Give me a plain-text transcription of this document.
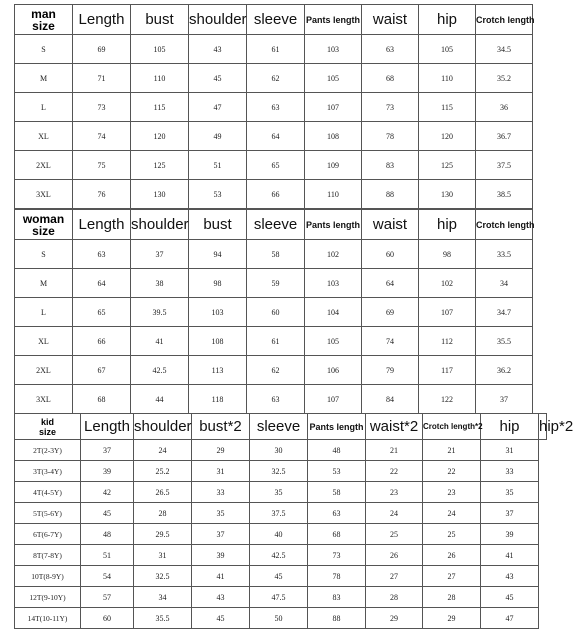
man
size	Length	bust	shoulder	sleeve	Pants length	waist	hip	Crotch length
S	69	105	43	61	103	63	105	34.5
M	71	110	45	62	105	68	110	35.2
L	73	115	47	63	107	73	115	36
XL	74	120	49	64	108	78	120	36.7
2XL	75	125	51	65	109	83	125	37.5
3XL	76	130	53	66	110	88	130	38.5
woman
size	Length	shoulder	bust	sleeve	Pants length	waist	hip	Crotch length
S	63	37	94	58	102	60	98	33.5
M	64	38	98	59	103	64	102	34
L	65	39.5	103	60	104	69	107	34.7
XL	66	41	108	61	105	74	112	35.5
2XL	67	42.5	113	62	106	79	117	36.2
3XL	68	44	118	63	107	84	122	37
kid
size	Length	shoulder	bust*2	sleeve	Pants length	waist*2	Crotch length*2	hip	hip*2
2T(2-3Y)	37	24	29	30	48	21	21	31	
3T(3-4Y)	39	25.2	31	32.5	53	22	22	33	
4T(4-5Y)	42	26.5	33	35	58	23	23	35	
5T(5-6Y)	45	28	35	37.5	63	24	24	37	
6T(6-7Y)	48	29.5	37	40	68	25	25	39	
8T(7-8Y)	51	31	39	42.5	73	26	26	41	
10T(8-9Y)	54	32.5	41	45	78	27	27	43	
12T(9-10Y)	57	34	43	47.5	83	28	28	45	
14T(10-11Y)	60	35.5	45	50	88	29	29	47	
